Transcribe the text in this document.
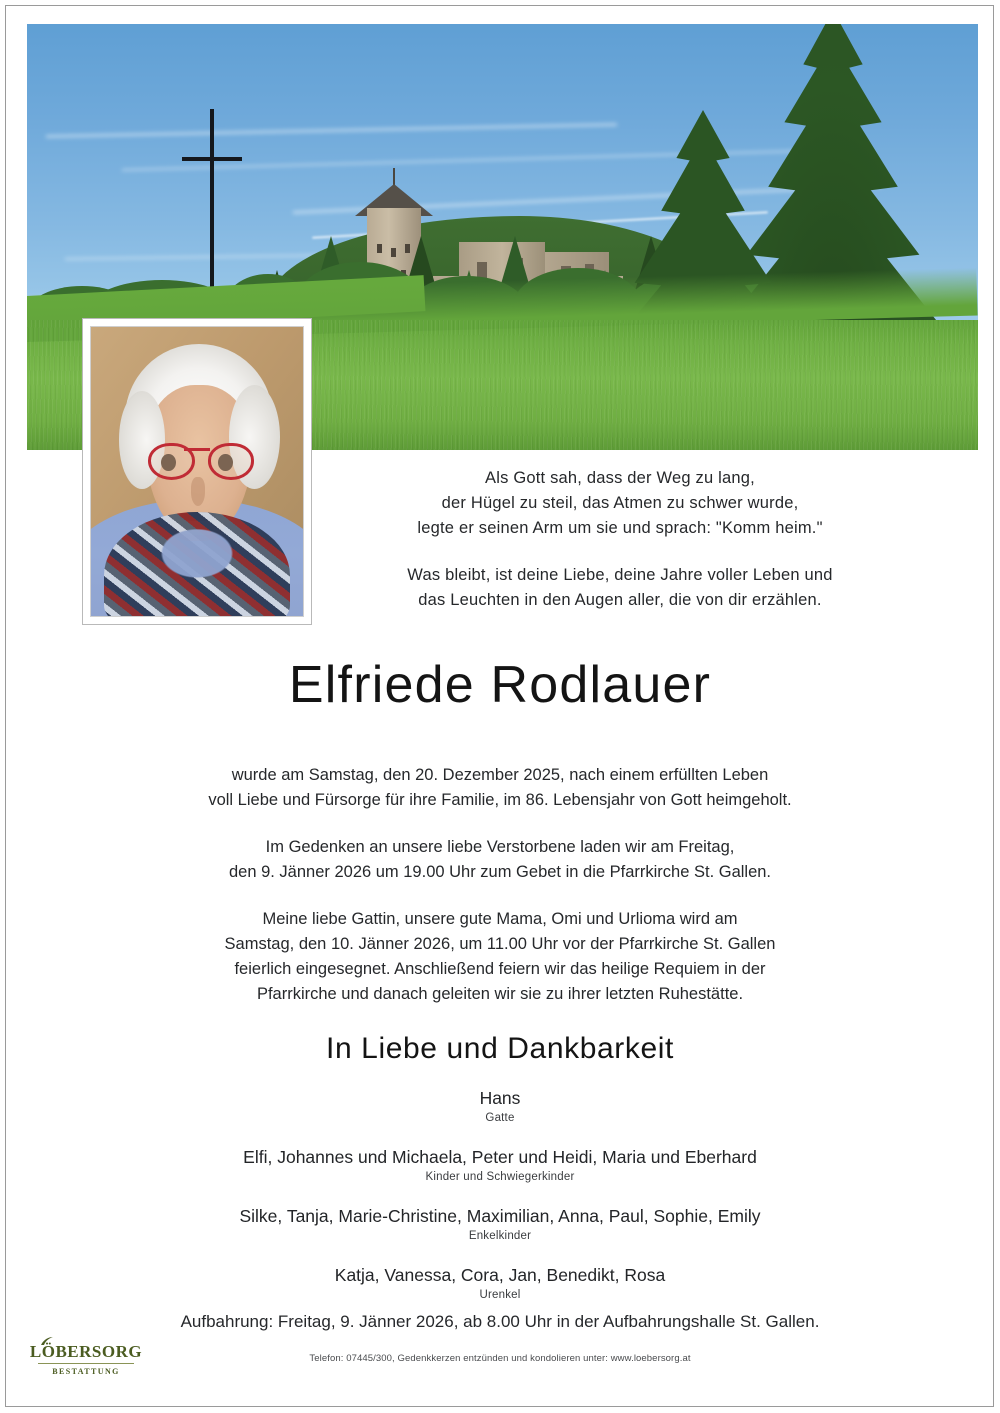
Als Gott sah, dass der Weg zu lang,
der Hügel zu steil, das Atmen zu schwer wurde,
legte er seinen Arm um sie und sprach: "Komm heim."

Was bleibt, ist deine Liebe, deine Jahre voller Leben und
das Leuchten in den Augen aller, die von dir erzählen.

Elfriede Rodlauer

wurde am Samstag, den 20. Dezember 2025, nach einem erfüllten Leben
voll Liebe und Fürsorge für ihre Familie, im 86. Lebensjahr von Gott heimgeholt.

Im Gedenken an unsere liebe Verstorbene laden wir am Freitag,
den 9. Jänner 2026 um 19.00 Uhr zum Gebet in die Pfarrkirche St. Gallen.

Meine liebe Gattin, unsere gute Mama, Omi und Urlioma wird am
Samstag, den 10. Jänner 2026, um 11.00 Uhr vor der Pfarrkirche St. Gallen
feierlich eingesegnet. Anschließend feiern wir das heilige Requiem in der
Pfarrkirche und danach geleiten wir sie zu ihrer letzten Ruhestätte.

In Liebe und Dankbarkeit
Hans
Gatte
Elfi, Johannes und Michaela, Peter und Heidi, Maria und Eberhard
Kinder und Schwiegerkinder
Silke, Tanja, Marie-Christine, Maximilian, Anna, Paul, Sophie, Emily
Enkelkinder
Katja, Vanessa, Cora, Jan, Benedikt, Rosa
Urenkel
Aufbahrung: Freitag, 9. Jänner 2026, ab 8.00 Uhr in der Aufbahrungshalle St. Gallen.
Telefon: 07445/300, Gedenkkerzen entzünden und kondolieren unter: www.loebersorg.at
LÖBERSORG
BESTATTUNG
